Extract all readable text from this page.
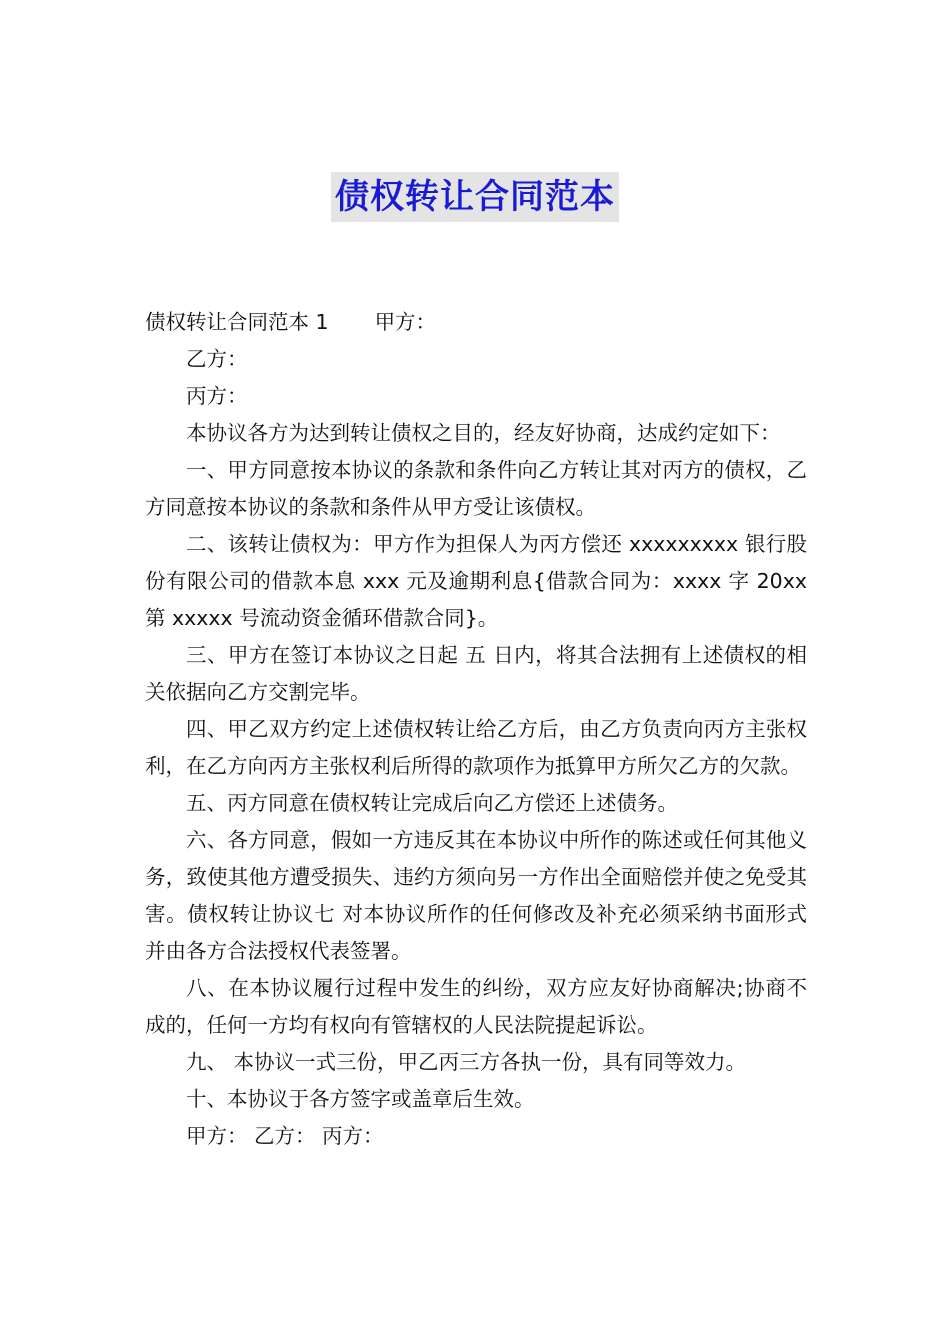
债权转让合同范本

债权转让合同范本 1 甲方：

乙方：

丙方：

本协议各方为达到转让债权之目的，经友好协商，达成约定如下：

一、甲方同意按本协议的条款和条件向乙方转让其对丙方的债权，乙方同意按本协议的条款和条件从甲方受让该债权。

二、该转让债权为：甲方作为担保人为丙方偿还 xxxxxxxxx 银行股份有限公司的借款本息 xxx 元及逾期利息{借款合同为：xxxx 字 20xx 第 xxxxx 号流动资金循环借款合同}。

三、甲方在签订本协议之日起 五 日内，将其合法拥有上述债权的相关依据向乙方交割完毕。

四、甲乙双方约定上述债权转让给乙方后，由乙方负责向丙方主张权利，在乙方向丙方主张权利后所得的款项作为抵算甲方所欠乙方的欠款。

五、丙方同意在债权转让完成后向乙方偿还上述债务。

六、各方同意，假如一方违反其在本协议中所作的陈述或任何其他义务，致使其他方遭受损失、违约方须向另一方作出全面赔偿并使之免受其害。债权转让协议七 对本协议所作的任何修改及补充必须采纳书面形式并由各方合法授权代表签署。

八、在本协议履行过程中发生的纠纷，双方应友好协商解决;协商不成的，任何一方均有权向有管辖权的人民法院提起诉讼。

九、 本协议一式三份，甲乙丙三方各执一份，具有同等效力。

十、本协议于各方签字或盖章后生效。

甲方： 乙方： 丙方：
